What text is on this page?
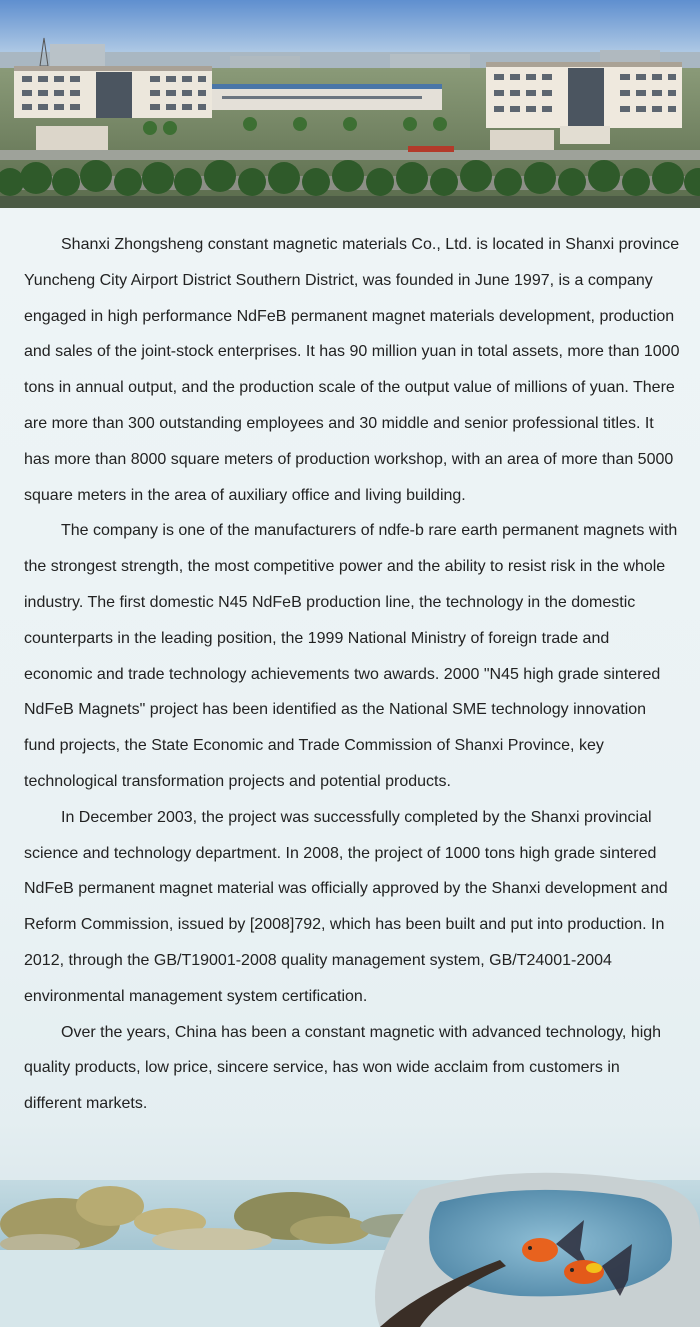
Shanxi Zhongsheng constant magnetic materials Co., Ltd. is located in Shanxi province Yuncheng City Airport District Southern District, was founded in June 1997, is a company engaged in high performance NdFeB permanent magnet materials development, production and sales of the joint-stock enterprises. It has 90 million yuan in total assets, more than 1000 tons in annual output, and the production scale of the output value of millions of yuan. There are more than 300 outstanding employees and 30 middle and senior professional titles. It has more than 8000 square meters of production workshop, with an area of more than 5000 square meters in the area of auxiliary office and living building.

The company is one of the manufacturers of ndfe-b rare earth permanent magnets with the strongest strength, the most competitive power and the ability to resist risk in the whole industry. The first domestic N45 NdFeB production line, the technology in the domestic counterparts in the leading position, the 1999 National Ministry of foreign trade and economic and trade technology achievements two awards. 2000 "N45 high grade sintered NdFeB Magnets" project has been identified as the National SME technology innovation fund projects, the State Economic and Trade Commission of Shanxi Province, key technological transformation projects and potential products.

In December 2003, the project was successfully completed by the Shanxi provincial science and technology department. In 2008, the project of 1000 tons high grade sintered NdFeB permanent magnet material was officially approved by the Shanxi development and Reform Commission, issued by [2008]792, which has been built and put into production. In 2012, through the GB/T19001-2008 quality management system, GB/T24001-2004 environmental management system certification.

Over the years, China has been a constant magnetic with advanced technology, high quality products, low price, sincere service, has won wide acclaim from customers in different markets.
